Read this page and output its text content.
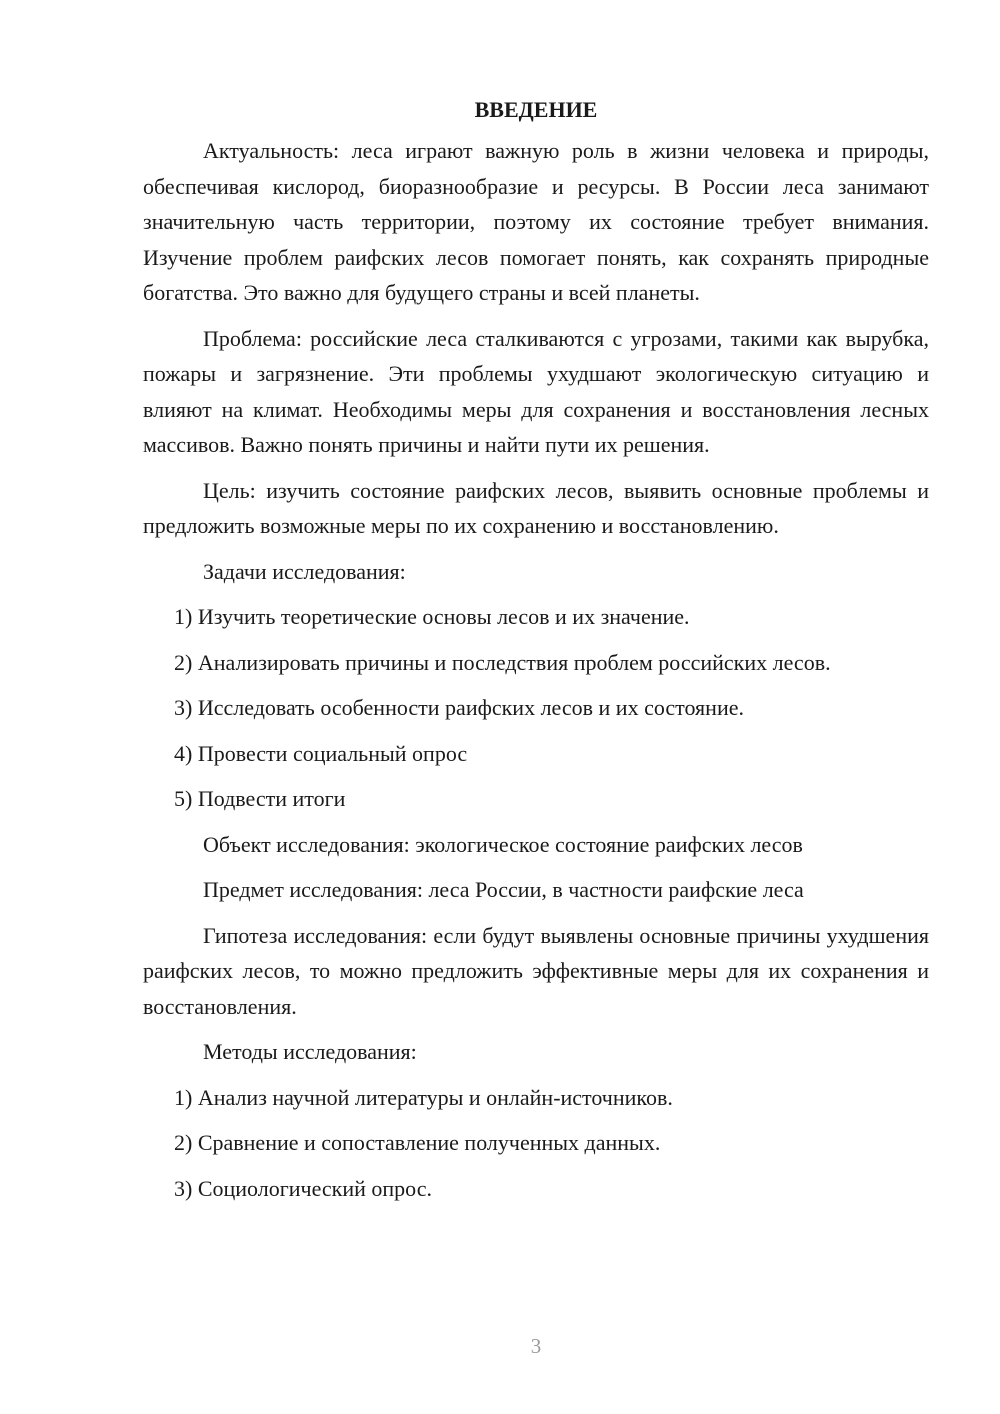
ВВЕДЕНИЕ

Актуальность: леса играют важную роль в жизни человека и природы, обеспечивая кислород, биоразнообразие и ресурсы. В России леса занимают значительную часть территории, поэтому их состояние требует внимания. Изучение проблем раифских лесов помогает понять, как сохранять природные богатства. Это важно для будущего страны и всей планеты.

Проблема: российские леса сталкиваются с угрозами, такими как вырубка, пожары и загрязнение. Эти проблемы ухудшают экологическую ситуацию и влияют на климат. Необходимы меры для сохранения и восстановления лесных массивов. Важно понять причины и найти пути их решения.

Цель: изучить состояние раифских лесов, выявить основные проблемы и предложить возможные меры по их сохранению и восстановлению.

Задачи исследования:

1) Изучить теоретические основы лесов и их значение.
2) Анализировать причины и последствия проблем российских лесов.
3) Исследовать особенности раифских лесов и их состояние.
4) Провести социальный опрос
5) Подвести итоги

Объект исследования: экологическое состояние раифских лесов

Предмет исследования: леса России, в частности раифские леса

Гипотеза исследования: если будут выявлены основные причины ухудшения раифских лесов, то можно предложить эффективные меры для их сохранения и восстановления.

Методы исследования:

1) Анализ научной литературы и онлайн-источников.
2) Сравнение и сопоставление полученных данных.
3) Социологический опрос.
3
